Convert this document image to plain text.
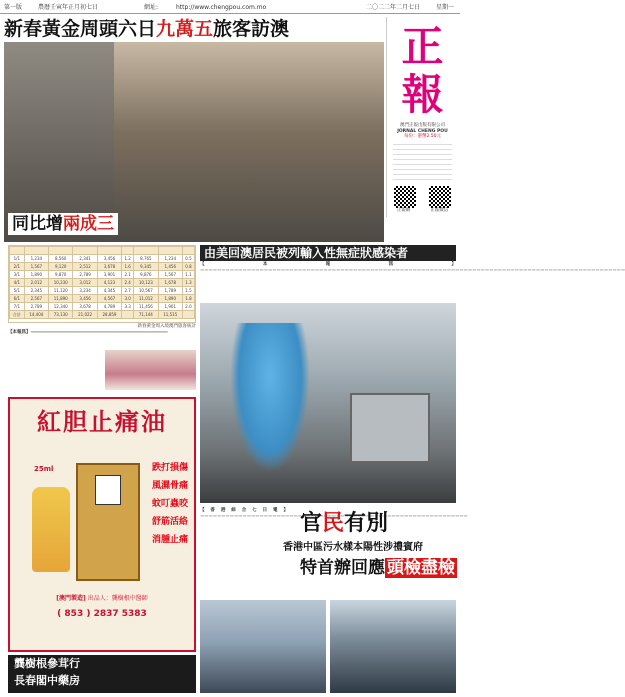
第一版	農曆壬寅年正月初七日	網址:	http://www.chengpou.com.mo	二〇二二年二月七日	星期一
新春黃金周頭六日九萬五旅客訪澳
同比增兩成三
正
報
澳門正報出版有限公司
JORNAL CHENG POU
每份：港幣2.50元
正報網	正報微信

1/1	1,234	8,560	2,341	3,456	1.2	8,765	1,234	0.5
2/1	1,567	9,120	2,512	3,678	1.6	9,345	1,456	0.8
3/1	1,890	9,870	2,789	3,901	2.1	9,876	1,567	1.1
4/1	2,012	10,230	3,012	4,123	2.4	10,123	1,678	1.3
5/1	2,345	11,120	3,234	4,345	2.7	10,567	1,789	1.5
6/1	2,567	11,890	3,456	4,567	3.0	11,012	1,890	1.8
7/1	2,789	12,340	3,678	4,789	3.3	11,456	1,901	2.0
合計	14,404	73,130	21,022	28,859		71,144	11,515	
新春黃金周入境澳門旅客統計
【本報訊】▬▬▬▬▬▬▬▬▬▬▬▬▬▬▬▬▬▬▬▬▬▬▬▬▬▬▬▬▬▬▬▬▬▬▬▬▬▬▬▬▬▬
由美回澳居民被列輸入性無症狀感染者
【本報訊】▬▬▬▬▬▬▬▬▬▬▬▬▬▬▬▬▬▬▬▬▬▬▬▬▬▬▬▬▬▬▬▬▬▬▬▬▬▬▬▬▬▬▬▬▬▬▬▬▬▬▬▬▬▬▬▬▬▬▬▬▬▬▬▬▬▬▬▬▬▬▬▬▬▬▬▬▬▬▬▬▬▬▬▬▬▬▬▬▬▬▬▬▬▬▬▬▬▬▬▬
紅胆止痛油
25ml	跌打損傷
風濕骨痛
蚊叮蟲咬
舒筋活絡
消腫止痛
[澳門製造] 出品人：龔樹根中醫師
( 853 ) 2837 5383
龔樹根參茸行
長春閣中藥房
【香港綜合七日電】▬▬▬▬▬▬▬▬▬▬▬▬▬▬▬▬▬▬▬▬▬▬▬▬▬▬▬▬▬▬▬▬▬▬▬▬▬▬▬▬▬▬▬▬▬▬▬▬▬▬▬▬▬▬▬▬▬▬▬▬▬▬▬
官民有別
香港中區污水樣本陽性涉禮賓府
特首辦回應 頭檢盡檢
